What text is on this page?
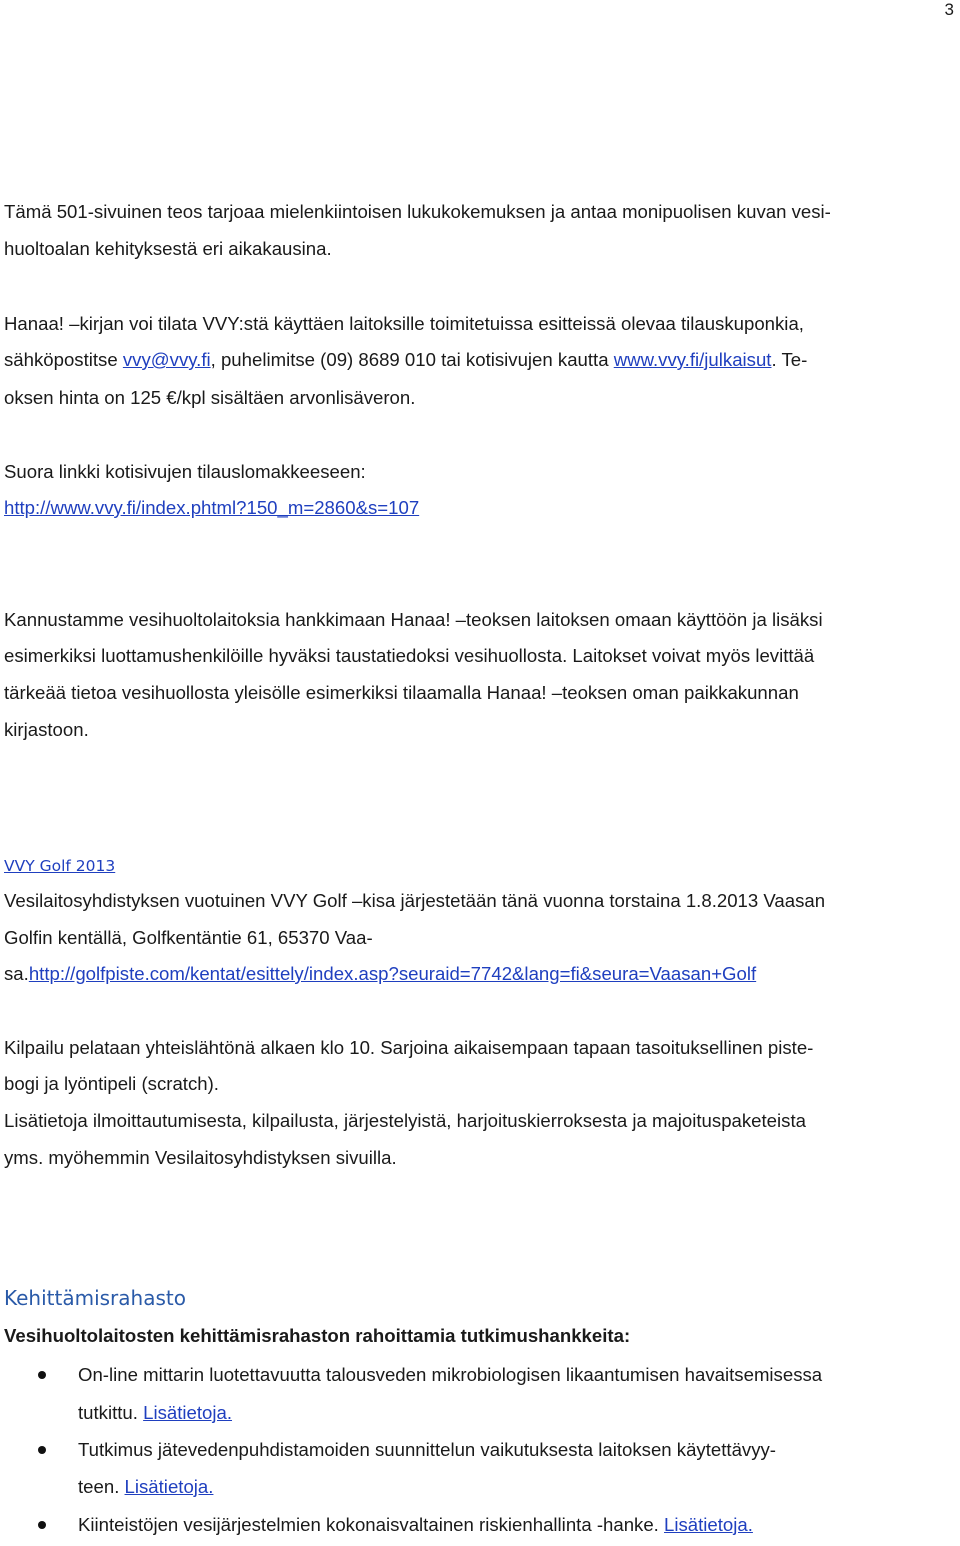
3
Tämä 501-sivuinen teos tarjoaa mielenkiintoisen lukukokemuksen ja antaa monipuolisen kuvan vesi-
huoltoalan kehityksestä eri aikakausina.
Hanaa! –kirjan voi tilata VVY:stä käyttäen laitoksille toimitetuissa esitteissä olevaa tilauskuponkia,
sähköpostitse vvy@vvy.fi, puhelimitse (09) 8689 010 tai kotisivujen kautta www.vvy.fi/julkaisut. Te-
oksen hinta on 125 €/kpl sisältäen arvonlisäveron.
Suora linkki kotisivujen tilauslomakkeeseen:
http://www.vvy.fi/index.phtml?150_m=2860&s=107
Kannustamme vesihuoltolaitoksia hankkimaan Hanaa! –teoksen laitoksen omaan käyttöön ja lisäksi
esimerkiksi luottamushenkilöille hyväksi taustatiedoksi vesihuollosta. Laitokset voivat myös levittää
tärkeää tietoa vesihuollosta yleisölle esimerkiksi tilaamalla Hanaa! –teoksen oman paikkakunnan
kirjastoon.
VVY Golf 2013
Vesilaitosyhdistyksen vuotuinen VVY Golf –kisa järjestetään tänä vuonna torstaina 1.8.2013 Vaasan
Golfin kentällä, Golfkentäntie 61, 65370 Vaa-
sa.http://golfpiste.com/kentat/esittely/index.asp?seuraid=7742&lang=fi&seura=Vaasan+Golf
Kilpailu pelataan yhteislähtönä alkaen klo 10. Sarjoina aikaisempaan tapaan tasoituksellinen piste-
bogi ja lyöntipeli (scratch).
Lisätietoja ilmoittautumisesta, kilpailusta, järjestelyistä, harjoituskierroksesta ja majoituspaketeista
yms. myöhemmin Vesilaitosyhdistyksen sivuilla.
Kehittämisrahasto
Vesihuoltolaitosten kehittämisrahaston rahoittamia tutkimushankkeita:
On-line mittarin luotettavuutta talousveden mikrobiologisen likaantumisen havaitsemisessa
tutkittu. Lisätietoja.
Tutkimus jätevedenpuhdistamoiden suunnittelun vaikutuksesta laitoksen käytettävyy-
teen. Lisätietoja.
Kiinteistöjen vesijärjestelmien kokonaisvaltainen riskienhallinta -hanke. Lisätietoja.
